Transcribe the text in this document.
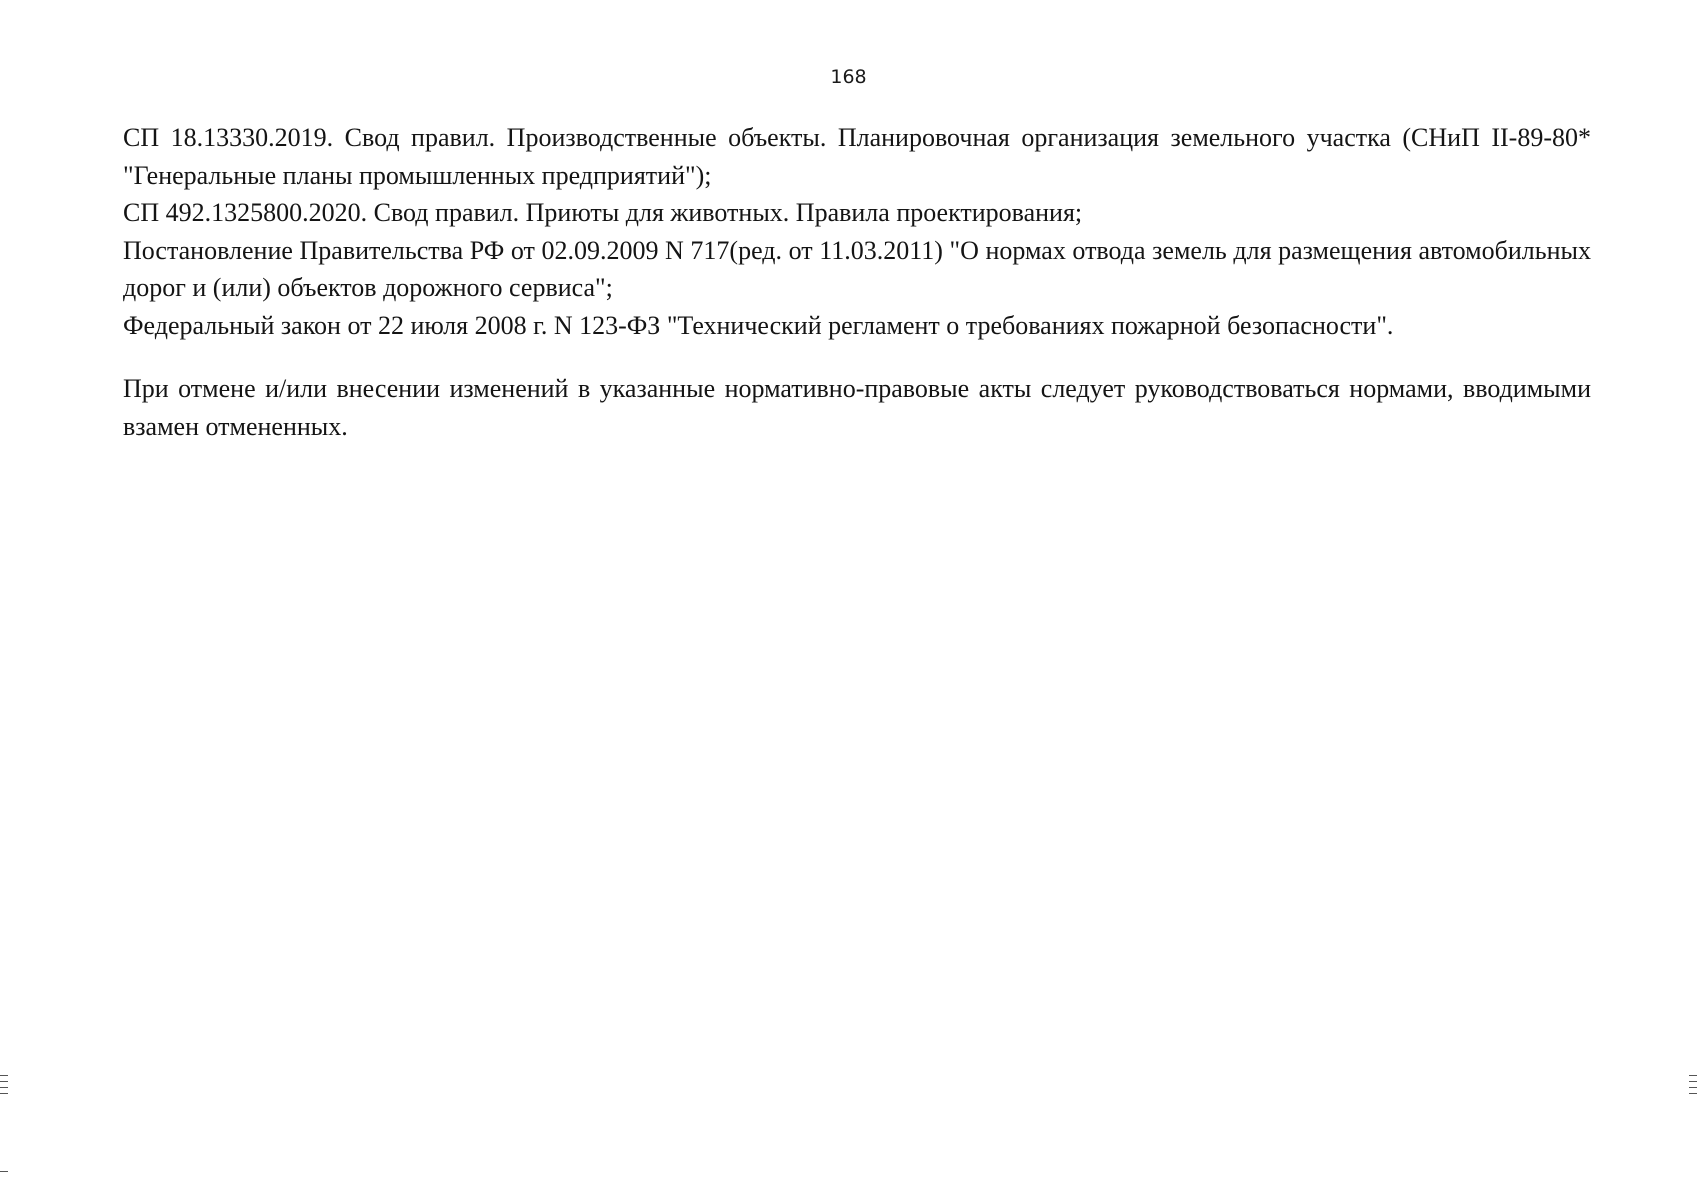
168

СП 18.13330.2019. Свод правил. Производственные объекты. Планировочная организация земельного участка (СНиП II-89-80* "Генеральные планы промышленных предприятий");

СП 492.1325800.2020. Свод правил. Приюты для животных. Правила проектирования;

Постановление Правительства РФ от 02.09.2009 N 717(ред. от 11.03.2011) "О нормах отвода земель для размещения автомобильных дорог и (или) объектов дорожного сервиса";

Федеральный закон от 22 июля 2008 г. N 123-ФЗ "Технический регламент о требованиях пожарной безопасности".

При отмене и/или внесении изменений в указанные нормативно-правовые акты следует руководствоваться нормами, вводимыми взамен отмененных.
